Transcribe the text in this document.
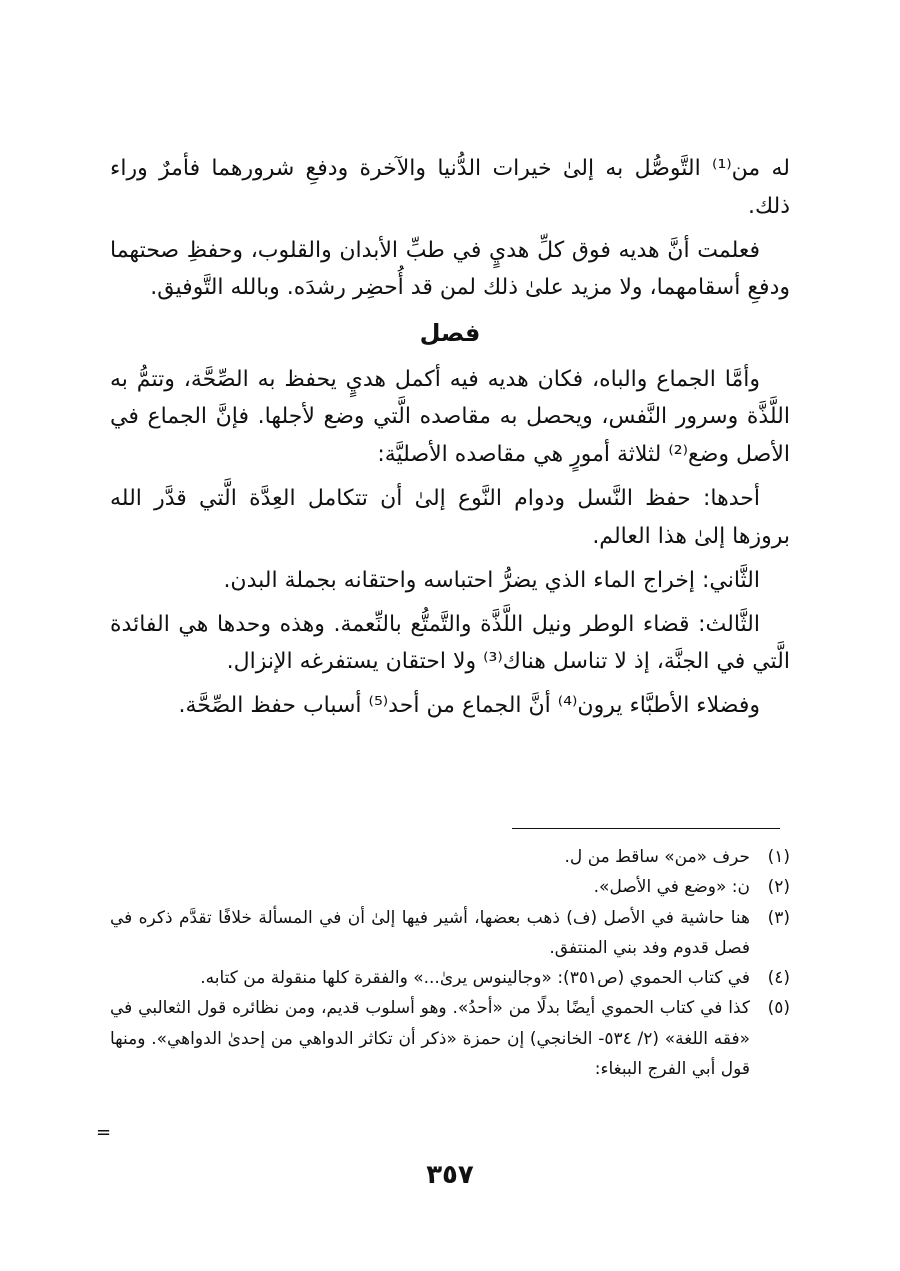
له من⁽¹⁾ التَّوصُّل به إلىٰ خيرات الدُّنيا والآخرة ودفعِ شرورهما فأمرٌ وراء ذلك.

فعلمت أنَّ هديه فوق كلِّ هديٍ في طبِّ الأبدان والقلوب، وحفظِ صحتهما ودفعِ أسقامهما، ولا مزيد علىٰ ذلك لمن قد أُحضِر رشدَه. وبالله التَّوفيق.

فصل

وأمَّا الجماع والباه، فكان هديه فيه أكمل هديٍ يحفظ به الصِّحَّة، وتتمُّ به اللَّذَّة وسرور النَّفس، ويحصل به مقاصده الَّتي وضع لأجلها. فإنَّ الجماع في الأصل وضع⁽²⁾ لثلاثة أمورٍ هي مقاصده الأصليَّة:

أحدها: حفظ النَّسل ودوام النَّوع إلىٰ أن تتكامل العِدَّة الَّتي قدَّر الله بروزها إلىٰ هذا العالم.

الثَّاني: إخراج الماء الذي يضرُّ احتباسه واحتقانه بجملة البدن.

الثَّالث: قضاء الوطر ونيل اللَّذَّة والتَّمتُّع بالنِّعمة. وهذه وحدها هي الفائدة الَّتي في الجنَّة، إذ لا تناسل هناك⁽³⁾ ولا احتقان يستفرغه الإنزال.

وفضلاء الأطبَّاء يرون⁽⁴⁾ أنَّ الجماع من أحد⁽⁵⁾ أسباب حفظ الصِّحَّة.

(١)
حرف «من» ساقط من ل.
(٢)
ن: «وضع في الأصل».
(٣)
هنا حاشية في الأصل (ف) ذهب بعضها، أشير فيها إلىٰ أن في المسألة خلافًا تقدَّم ذكره في فصل قدوم وفد بني المنتفق.
(٤)
في كتاب الحموي (ص٣٥١): «وجالينوس يرىٰ...» والفقرة كلها منقولة من كتابه.
(٥)
كذا في كتاب الحموي أيضًا بدلًا من «أحدُ». وهو أسلوب قديم، ومن نظائره قول الثعالبي في «فقه اللغة» (٢/ ٥٣٤- الخانجي) إن حمزة «ذكر أن تكاثر الدواهي من إحدىٰ الدواهي». ومنها قول أبي الفرج الببغاء:
=
٣٥٧
